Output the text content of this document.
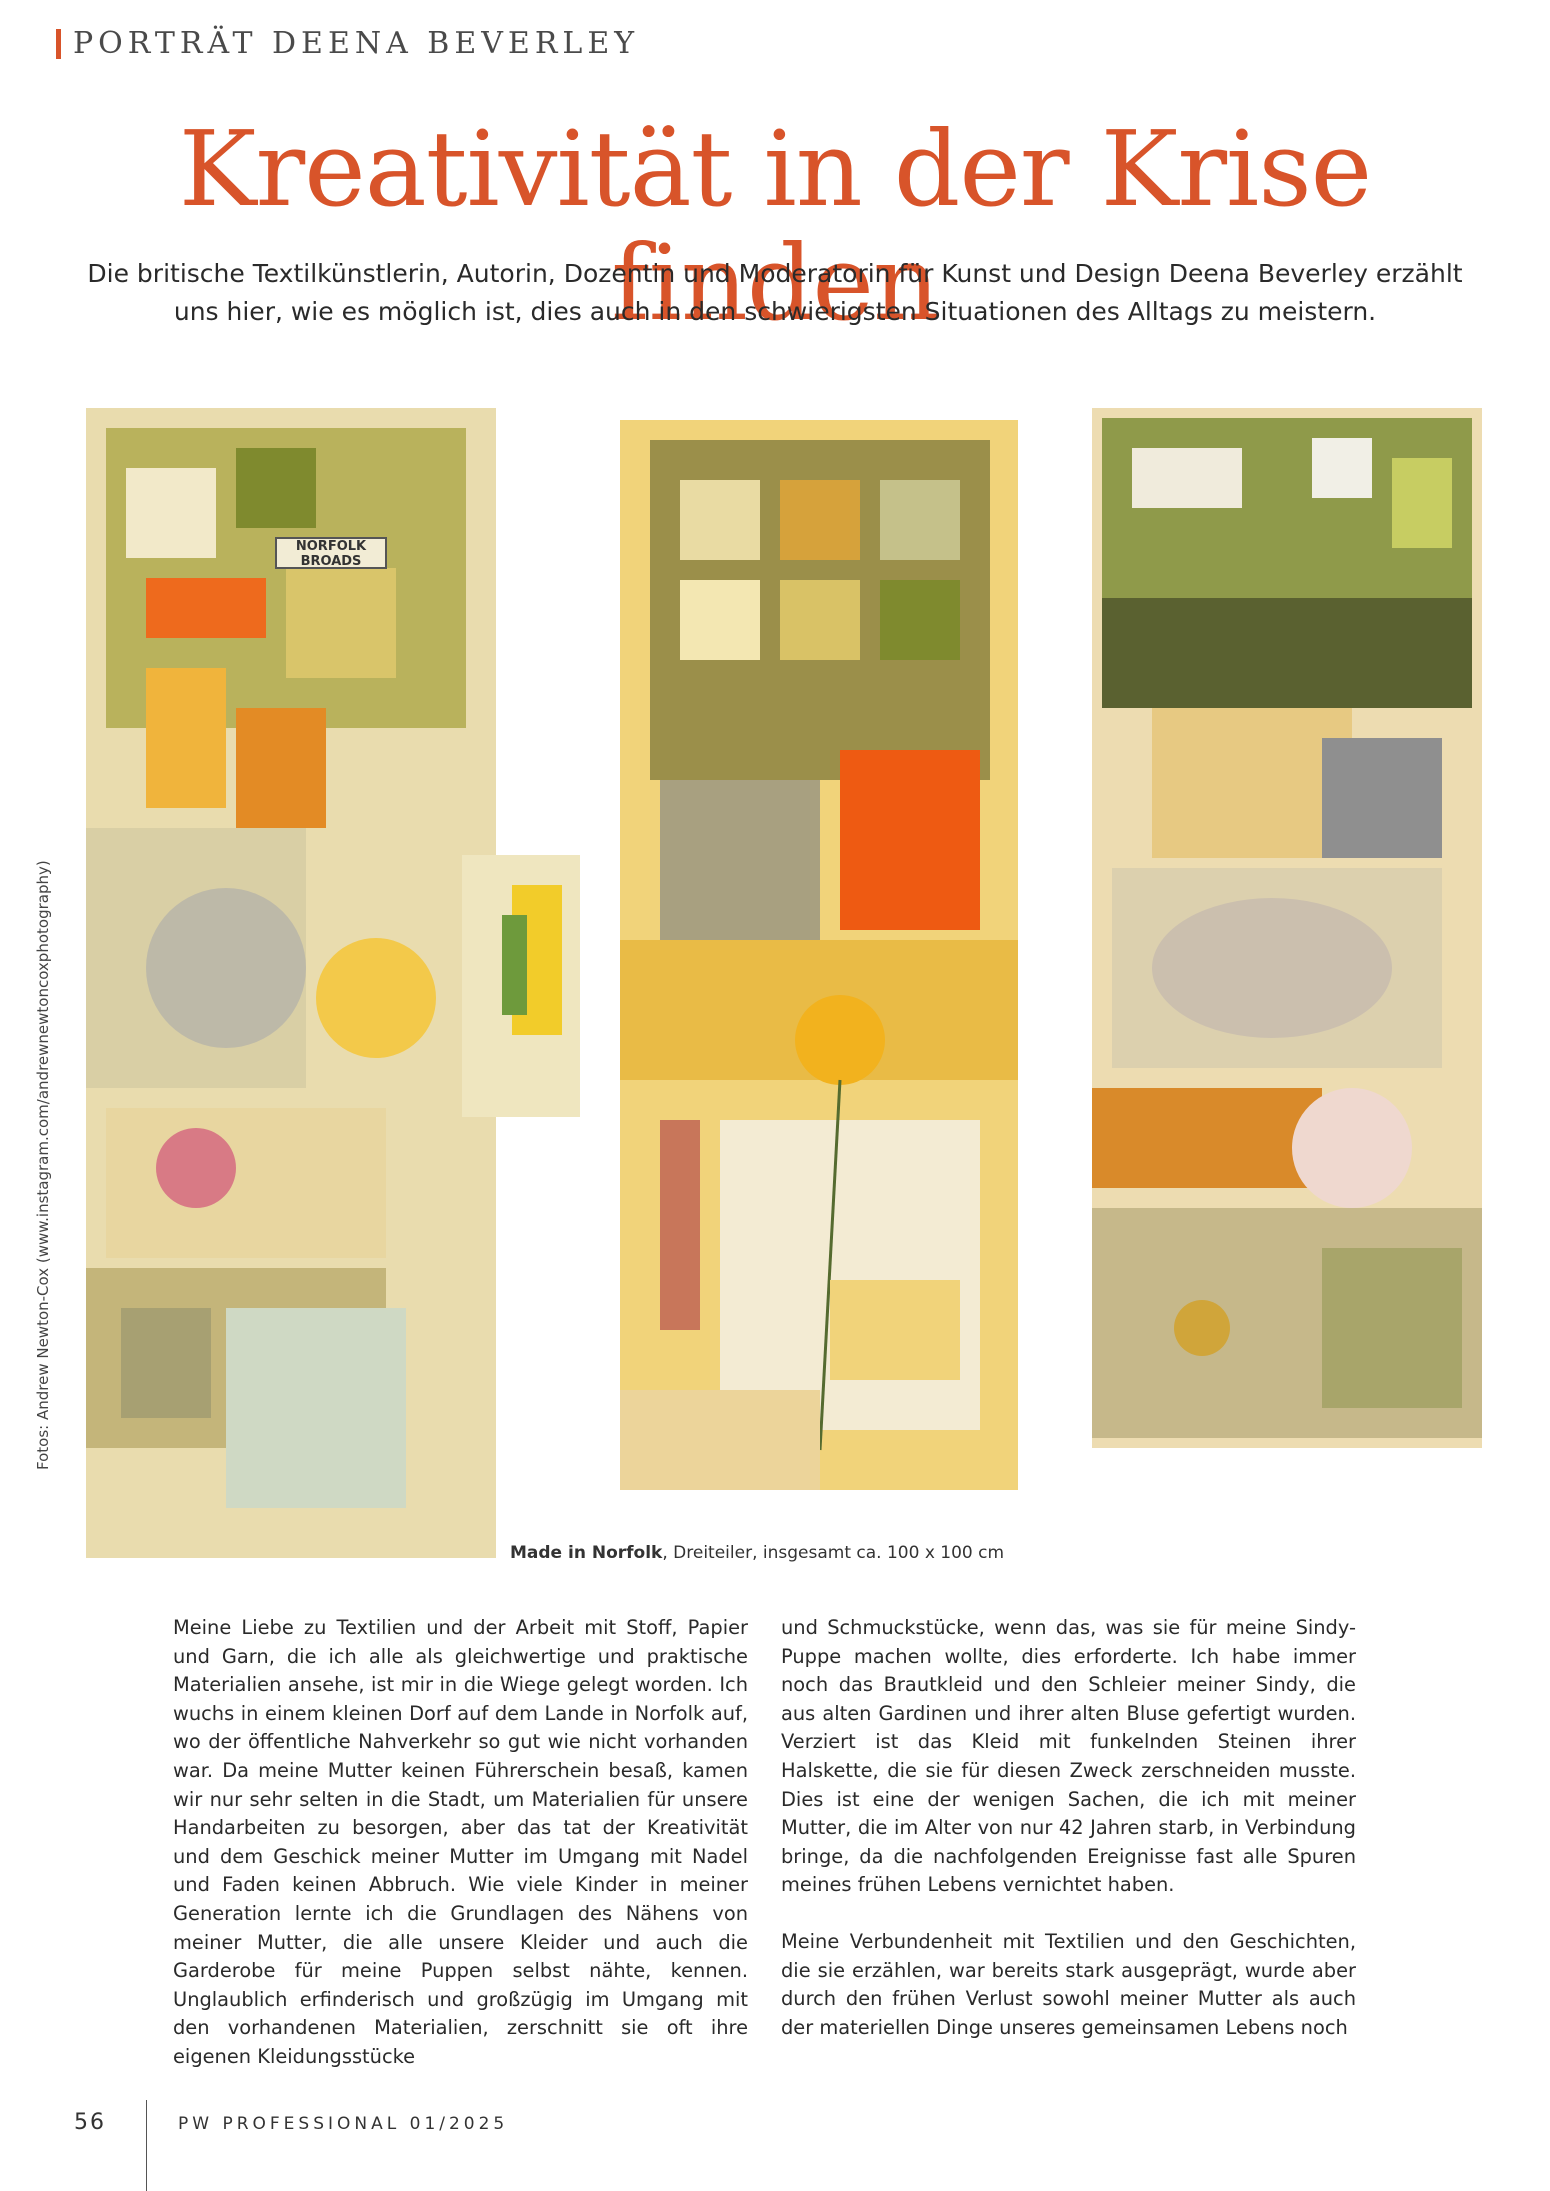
PORTRÄT DEENA BEVERLEY
Kreativität in der Krise finden

Die britische Textilkünstlerin, Autorin, Dozentin und Moderatorin für Kunst und Design Deena Beverley erzählt uns hier, wie es möglich ist, dies auch in den schwierigsten Situationen des Alltags zu meistern.

Fotos: Andrew Newton-Cox (www.instagram.com/andrewnewtoncoxphotography)
NORFOLK
BROADS
Made in Norfolk, Dreiteiler, insgesamt ca. 100 x 100 cm

Meine Liebe zu Textilien und der Arbeit mit Stoff, Papier und Garn, die ich alle als gleichwertige und praktische Materialien ansehe, ist mir in die Wiege gelegt worden. Ich wuchs in einem kleinen Dorf auf dem Lande in Norfolk auf, wo der öffentliche Nahverkehr so gut wie nicht vorhanden war. Da meine Mutter keinen Führerschein besaß, kamen wir nur sehr selten in die Stadt, um Materialien für unsere Handarbeiten zu besorgen, aber das tat der Kreativität und dem Geschick meiner Mutter im Umgang mit Nadel und Faden keinen Abbruch. Wie viele Kinder in meiner Generation lernte ich die Grundlagen des Nähens von meiner Mutter, die alle unsere Kleider und auch die Garderobe für meine Puppen selbst nähte, kennen. Unglaublich erfinderisch und großzügig im Umgang mit den vorhandenen Materialien, zerschnitt sie oft ihre eigenen Kleidungsstücke

und Schmuckstücke, wenn das, was sie für meine Sindy-Puppe machen wollte, dies erforderte. Ich habe immer noch das Brautkleid und den Schleier meiner Sindy, die aus alten Gardinen und ihrer alten Bluse gefertigt wurden. Verziert ist das Kleid mit funkelnden Steinen ihrer Halskette, die sie für diesen Zweck zerschneiden musste. Dies ist eine der wenigen Sachen, die ich mit meiner Mutter, die im Alter von nur 42 Jahren starb, in Verbindung bringe, da die nachfolgenden Ereignisse fast alle Spuren meines frühen Lebens vernichtet haben.

Meine Verbundenheit mit Textilien und den Geschichten, die sie erzählen, war bereits stark ausgeprägt, wurde aber durch den frühen Verlust sowohl meiner Mutter als auch der materiellen Dinge unseres gemeinsamen Lebens noch

56	PW PROFESSIONAL 01/2025
